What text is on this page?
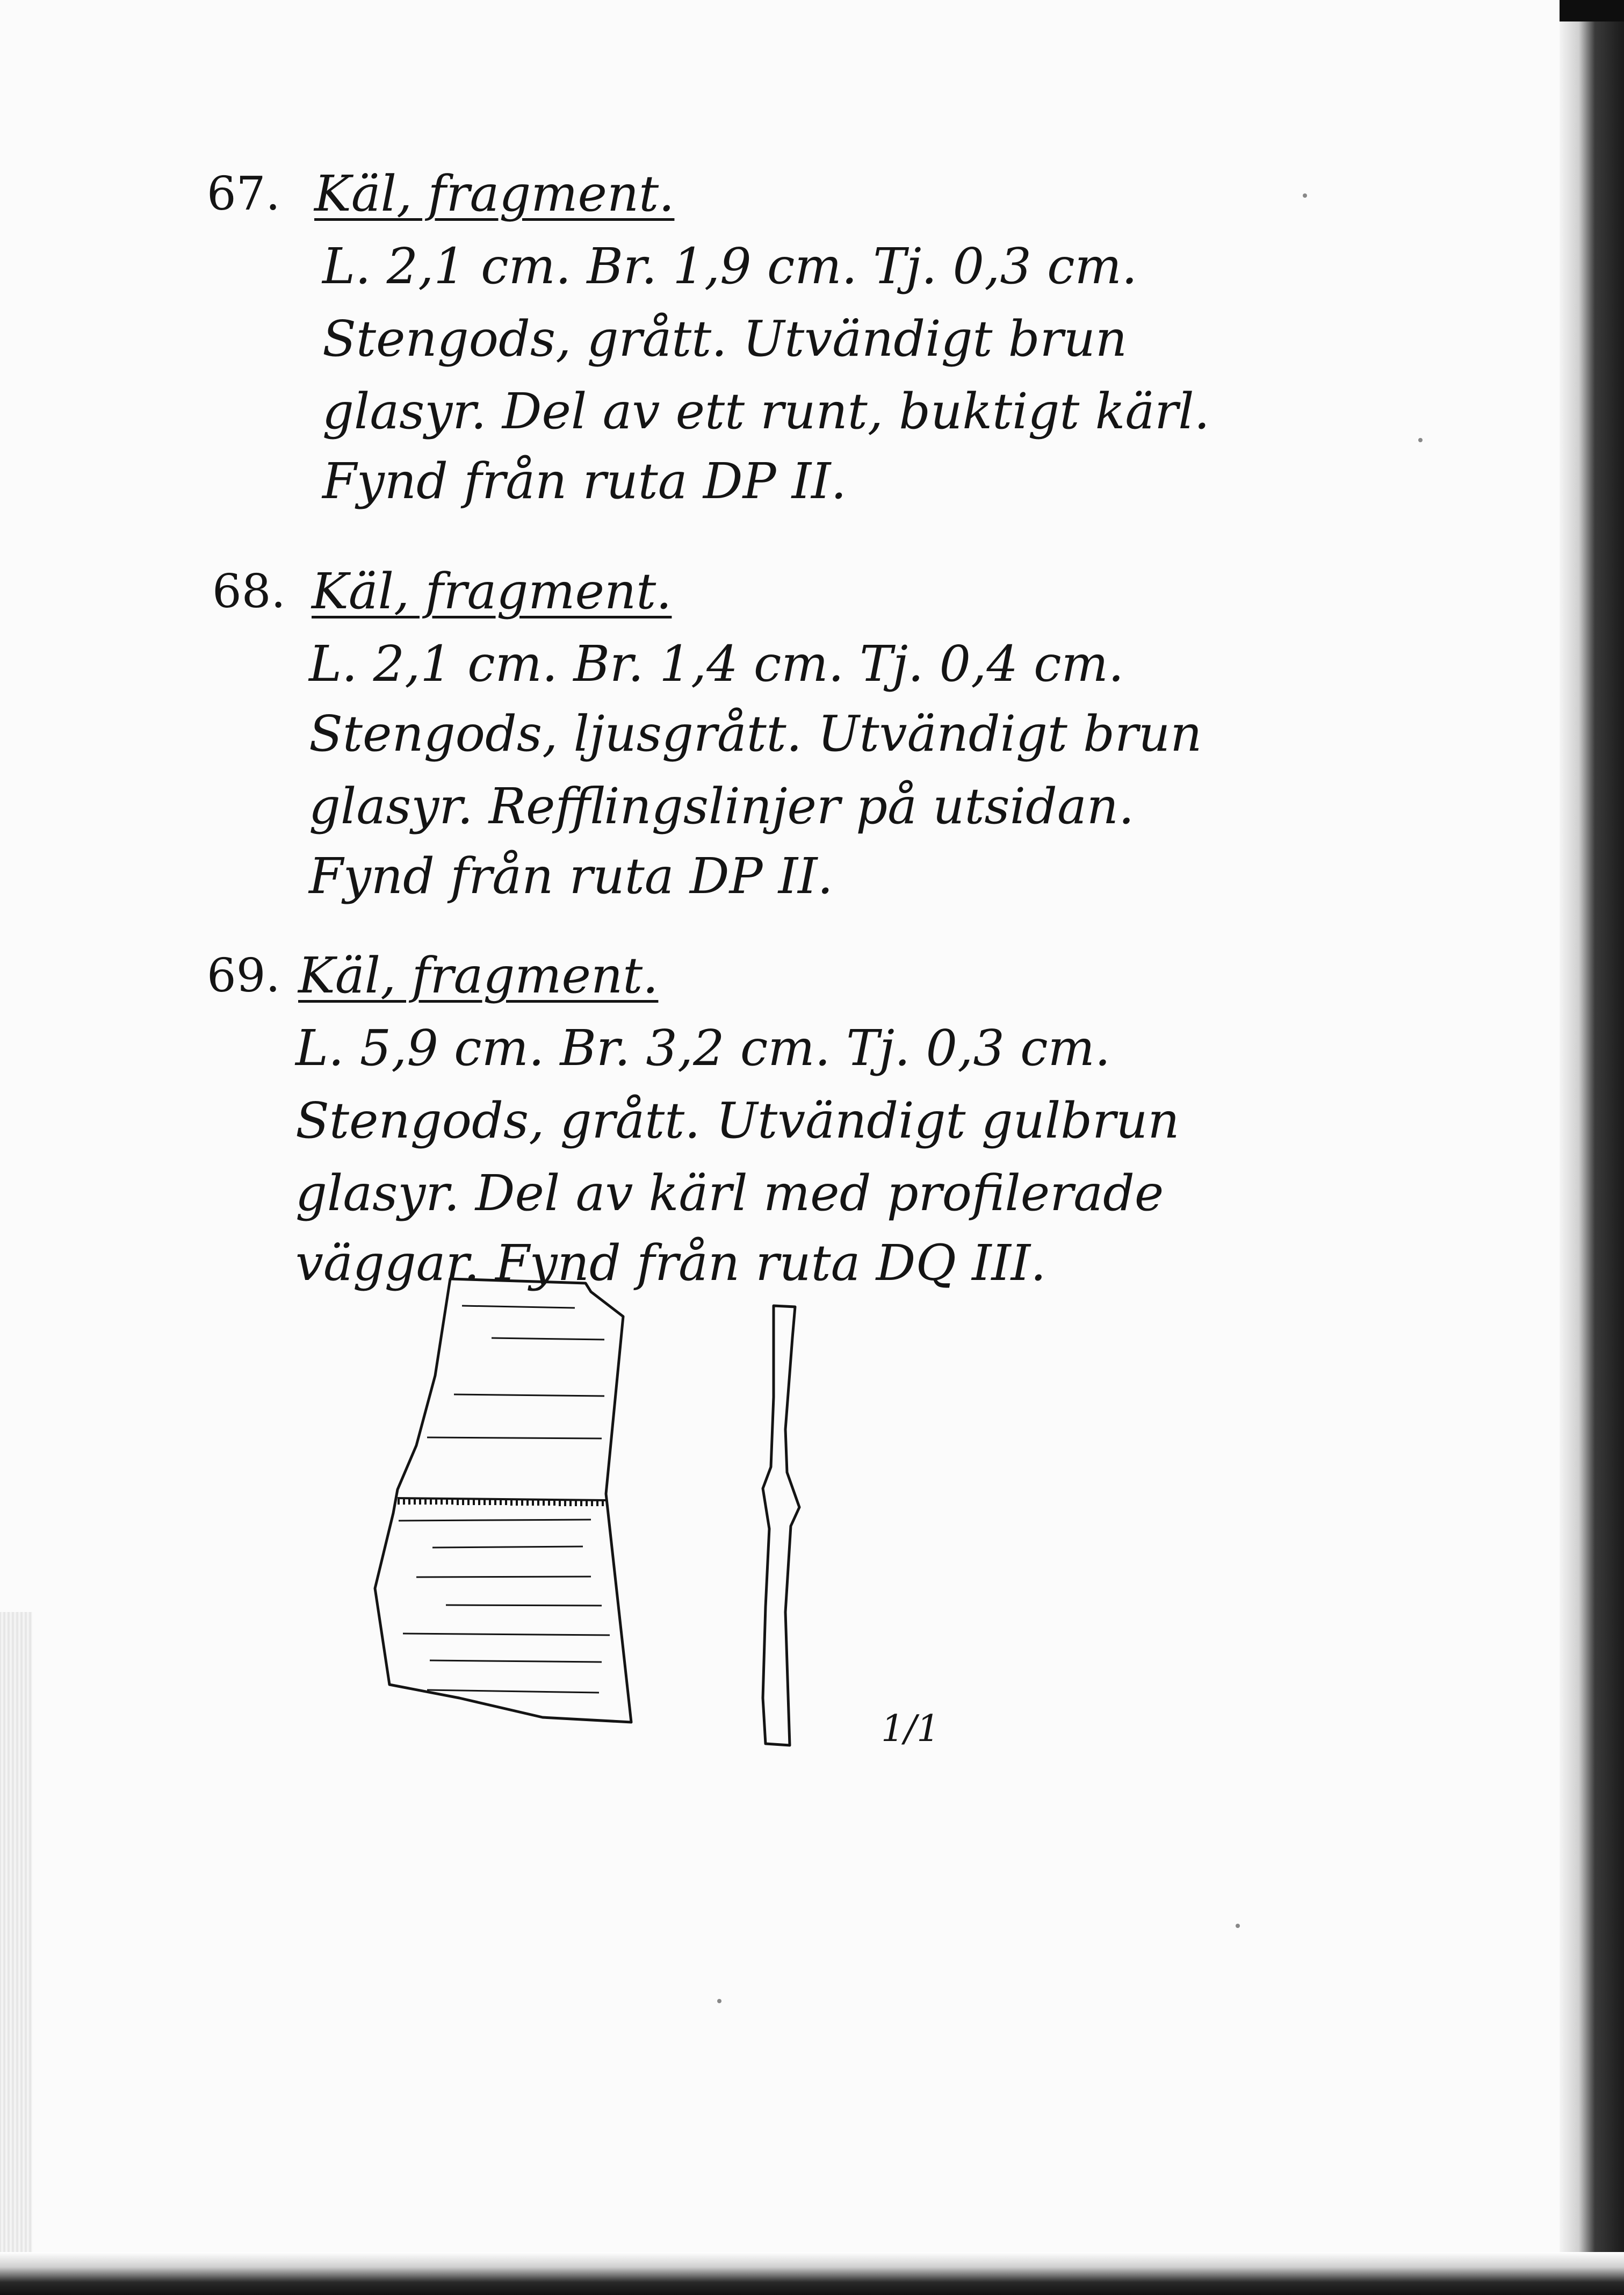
67. Käl, fragment.
L. 2,1 cm. Br. 1,9 cm. Tj. 0,3 cm.
Stengods, grått. Utvändigt brun
glasyr. Del av ett runt, buktigt kärl.
Fynd från ruta DP II.
68. Käl, fragment.
L. 2,1 cm. Br. 1,4 cm. Tj. 0,4 cm.
Stengods, ljusgrått. Utvändigt brun
glasyr. Refflingslinjer på utsidan.
Fynd från ruta DP II.
69. Käl, fragment.
L. 5,9 cm. Br. 3,2 cm. Tj. 0,3 cm.
Stengods, grått. Utvändigt gulbrun
glasyr. Del av kärl med profilerade
väggar. Fynd från ruta DQ III.
1/1
